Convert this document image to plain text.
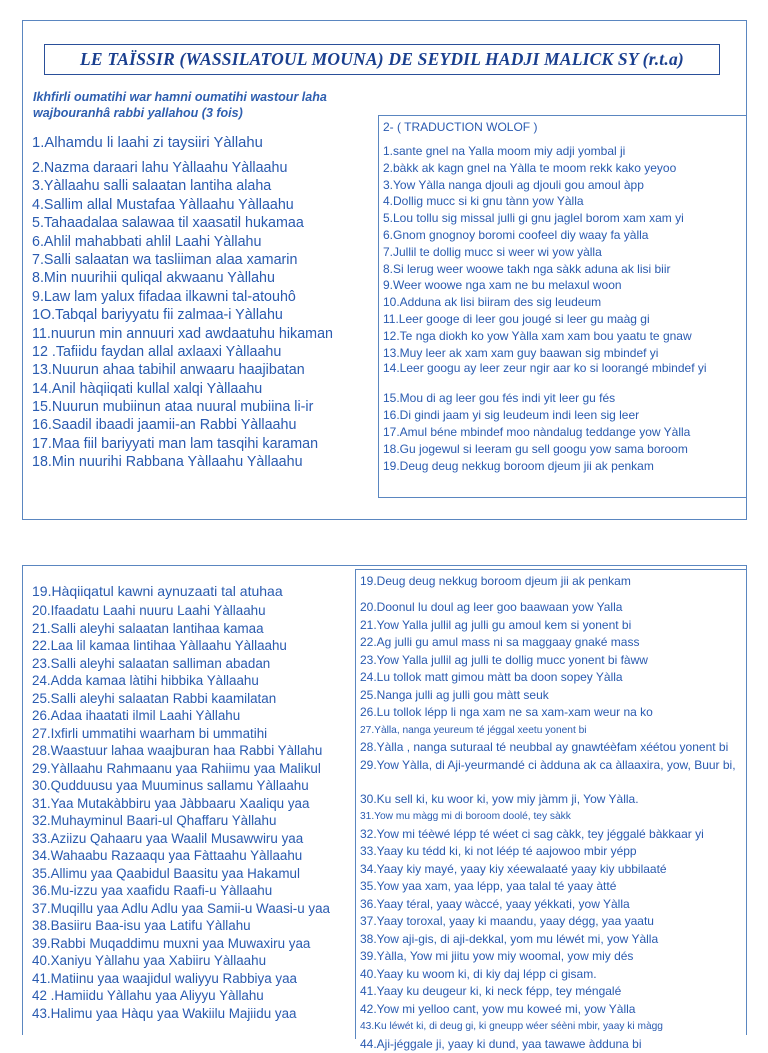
LE TAÏSSIR (WASSILATOUL MOUNA) DE SEYDIL HADJI MALICK SY (r.t.a)
Ikhfirli oumatihi war hamni oumatihi wastour laha wajbouranhâ rabbi yallahou (3 fois)
1.Alhamdu li laahi zi taysiiri Yàllahu
2.Nazma daraari lahu Yàllaahu Yàllaahu
3.Yàllaahu salli salaatan lantiha alaha
4.Sallim allal Mustafaa Yàllaahu Yàllaahu
5.Tahaadalaa salawaa til xaasatil hukamaa
6.Ahlil mahabbati ahlil Laahi Yàllahu
7.Salli salaatan wa tasliiman alaa xamarin
8.Min nuurihii quliqal akwaanu Yàllahu
9.Law lam yalux fifadaa ilkawni tal-atouhô
1O.Tabqal bariyyatu fii zalmaa-i Yàllahu
11.nuurun min annuuri xad awdaatuhu hikaman
12 .Tafiidu faydan allal axlaaxi Yàllaahu
13.Nuurun ahaa tabihil anwaaru haajibatan
14.Anil hàqiiqati kullal xalqi Yàllaahu
15.Nuurun mubiinun ataa nuural mubiina li-ir
16.Saadil ibaadi jaamii-an Rabbi Yàllaahu
17.Maa fiil bariyyati man lam tasqihi karaman
18.Min nuurihi Rabbana Yàllaahu Yàllaahu
2- ( TRADUCTION WOLOF )
1.sante gnel na Yalla moom miy adji yombal ji
2.bàkk ak kagn gnel na Yàlla te moom rekk kako yeyoo
3.Yow Yàlla nanga djouli ag djouli gou amoul àpp
4.Dollig mucc si ki gnu tànn yow Yàlla
5.Lou tollu sig missal julli gi gnu jaglel borom xam xam yi
6.Gnom gnognoy boromi coofeel diy waay fa yàlla
7.Jullil te dollig mucc si weer wi yow yàlla
8.Si lerug weer woowe takh nga sàkk aduna ak lisi biir
9.Weer woowe nga xam ne bu melaxul woon
10.Adduna ak lisi biiram des sig leudeum
11.Leer googe di leer gou jougé si leer gu maàg gi
12.Te nga diokh ko yow Yàlla xam xam bou yaatu te gnaw
13.Muy leer ak xam xam guy baawan sig mbindef yi
14.Leer googu ay leer zeur ngir aar ko si loorangé mbindef yi
15.Mou di ag leer gou fés indi yit leer gu fés
16.Di gindi jaam yi sig leudeum indi leen sig leer
17.Amul béne mbindef moo nàndalug teddange yow Yàlla
18.Gu jogewul si leeram gu sell googu yow sama boroom
19.Deug deug nekkug boroom djeum jii ak penkam
19.Hàqiiqatul kawni aynuzaati tal atuhaa
20.Ifaadatu Laahi nuuru Laahi Yàllaahu
21.Salli aleyhi salaatan lantihaa kamaa
22.Laa lil kamaa lintihaa Yàllaahu Yàllaahu
23.Salli aleyhi salaatan salliman abadan
24.Adda kamaa làtihi hibbika Yàllaahu
25.Salli aleyhi salaatan Rabbi kaamilatan
26.Adaa ihaatati ilmil Laahi Yàllahu
27.Ixfirli ummatihi waarham bi ummatihi
28.Waastuur lahaa waajburan haa Rabbi Yàllahu
29.Yàllaahu Rahmaanu yaa Rahiimu yaa Malikul
30.Qudduusu yaa Muuminus sallamu Yàllaahu
31.Yaa Mutakàbbiru yaa Jàbbaaru Xaaliqu yaa
32.Muhayminul Baari-ul Qhaffaru Yàllahu
33.Aziizu Qahaaru yaa Waalil Musawwiru yaa
34.Wahaabu Razaaqu yaa Fàttaahu Yàllaahu
35.Allimu yaa Qaabidul Baasitu yaa Hakamul
36.Mu-izzu yaa xaafidu Raafi-u Yàllaahu
37.Muqillu yaa Adlu Adlu yaa Samii-u Waasi-u yaa
38.Basiiru Baa-isu yaa Latifu Yàllahu
39.Rabbi Muqaddimu muxni yaa Muwaxiru yaa
40.Xaniyu Yàllahu yaa Xabiiru Yàllaahu
41.Matiinu yaa waajidul waliyyu Rabbiya yaa
42 .Hamiidu Yàllahu yaa Aliyyu Yàllahu
43.Halimu yaa Hàqu yaa Wakiilu Majiidu yaa
19.Deug deug nekkug boroom djeum jii ak penkam
20.Doonul lu doul ag leer goo baawaan yow Yalla
21.Yow Yalla jullil ag julli gu amoul kem si yonent bi
22.Ag julli gu amul mass ni sa maggaay gnaké mass
23.Yow Yalla jullil ag julli te dollig mucc yonent bi fàww
24.Lu tollok matt gimou màtt ba doon sopey Yàlla
25.Nanga julli ag julli gou màtt seuk
26.Lu tollok lépp li nga xam ne sa xam-xam weur na ko
27.Yàlla, nanga yeureum té jéggal xeetu yonent bi
28.Yàlla , nanga suturaal té neubbal ay gnawtéèfam xéétou yonent bi
29.Yow Yàlla, di Aji-yeurmandé ci àdduna ak ca àllaaxira, yow, Buur bi,
30.Ku sell ki, ku woor ki, yow miy jàmm ji, Yow Yàlla.
31.Yow mu màgg mi di boroom doolé, tey sàkk
32.Yow mi téèwé lépp té wéet ci sag càkk, tey jéggalé bàkkaar yi
33.Yaay ku tédd ki, ki not léép té aajowoo mbir yépp
34.Yaay kiy mayé, yaay kiy xéewalaaté yaay kiy ubbilaaté
35.Yow yaa xam, yaa lépp, yaa talal té yaay àtté
36.Yaay téral, yaay wàccé, yaay yékkati, yow Yàlla
37.Yaay toroxal, yaay ki maandu, yaay dégg, yaa yaatu
38.Yow aji-gis, di aji-dekkal, yom mu léwét mi, yow Yàlla
39.Yàlla, Yow mi jiitu yow miy woomal, yow miy dés
40.Yaay ku woom ki, di kiy daj lépp ci gisam.
41.Yaay ku deugeur ki, ki neck fépp, tey méngalé
42.Yow mi yelloo cant, yow mu koweé mi, yow Yàlla
43.Ku léwét ki, di deug gi, ki gneupp wéer séèni mbir, yaay ki màgg
44.Aji-jéggale ji, yaay ki dund, yaa tawawe àdduna bi
